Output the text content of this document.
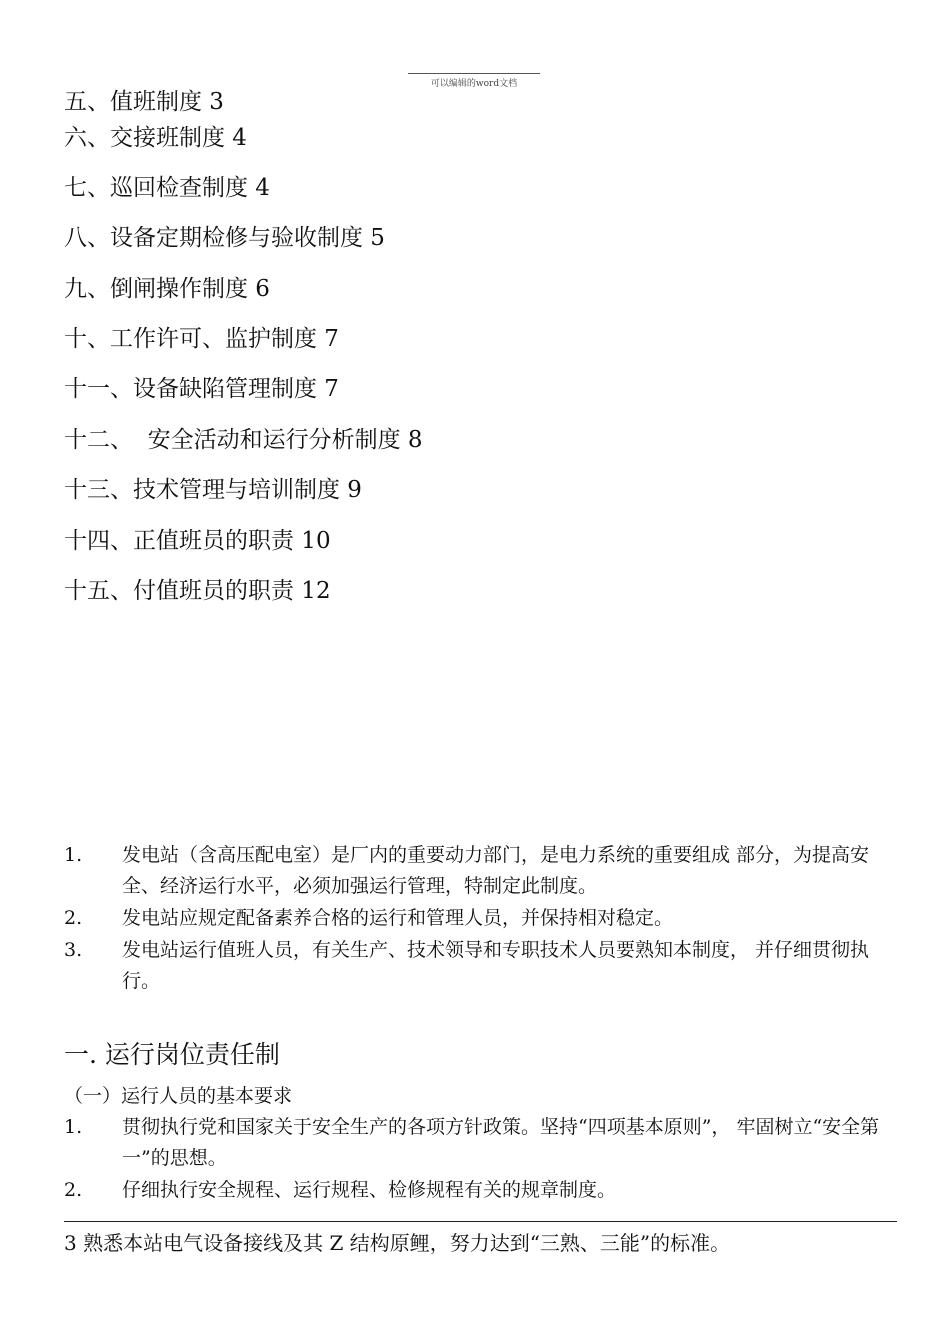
可以编辑的word文档
五、值班制度 3
六、交接班制度 4
七、巡回检查制度 4
八、设备定期检修与验收制度 5
九、倒闸操作制度 6
十、工作许可、监护制度 7
十一、设备缺陷管理制度 7
十二、  安全活动和运行分析制度 8
十三、技术管理与培训制度 9
十四、正值班员的职责 10
十五、付值班员的职责 12
1. 发电站（含高压配电室）是厂内的重要动力部门，是电力系统的重要组成 部分，为提高安全、经济运行水平，必须加强运行管理，特制定此制度。
2. 发电站应规定配备素养合格的运行和管理人员，并保持相对稳定。
3. 发电站运行值班人员，有关生产、技术领导和专职技术人员要熟知本制度， 并仔细贯彻执行。
一. 运行岗位责任制
（一）运行人员的基本要求
1. 贯彻执行党和国家关于安全生产的各项方针政策。坚持“四项基本原则”， 牢固树立“安全第一”的思想。
2. 仔细执行安全规程、运行规程、检修规程有关的规章制度。
3 熟悉本站电气设备接线及其 Z 结构原鲤，努力达到“三熟、三能”的标准。
